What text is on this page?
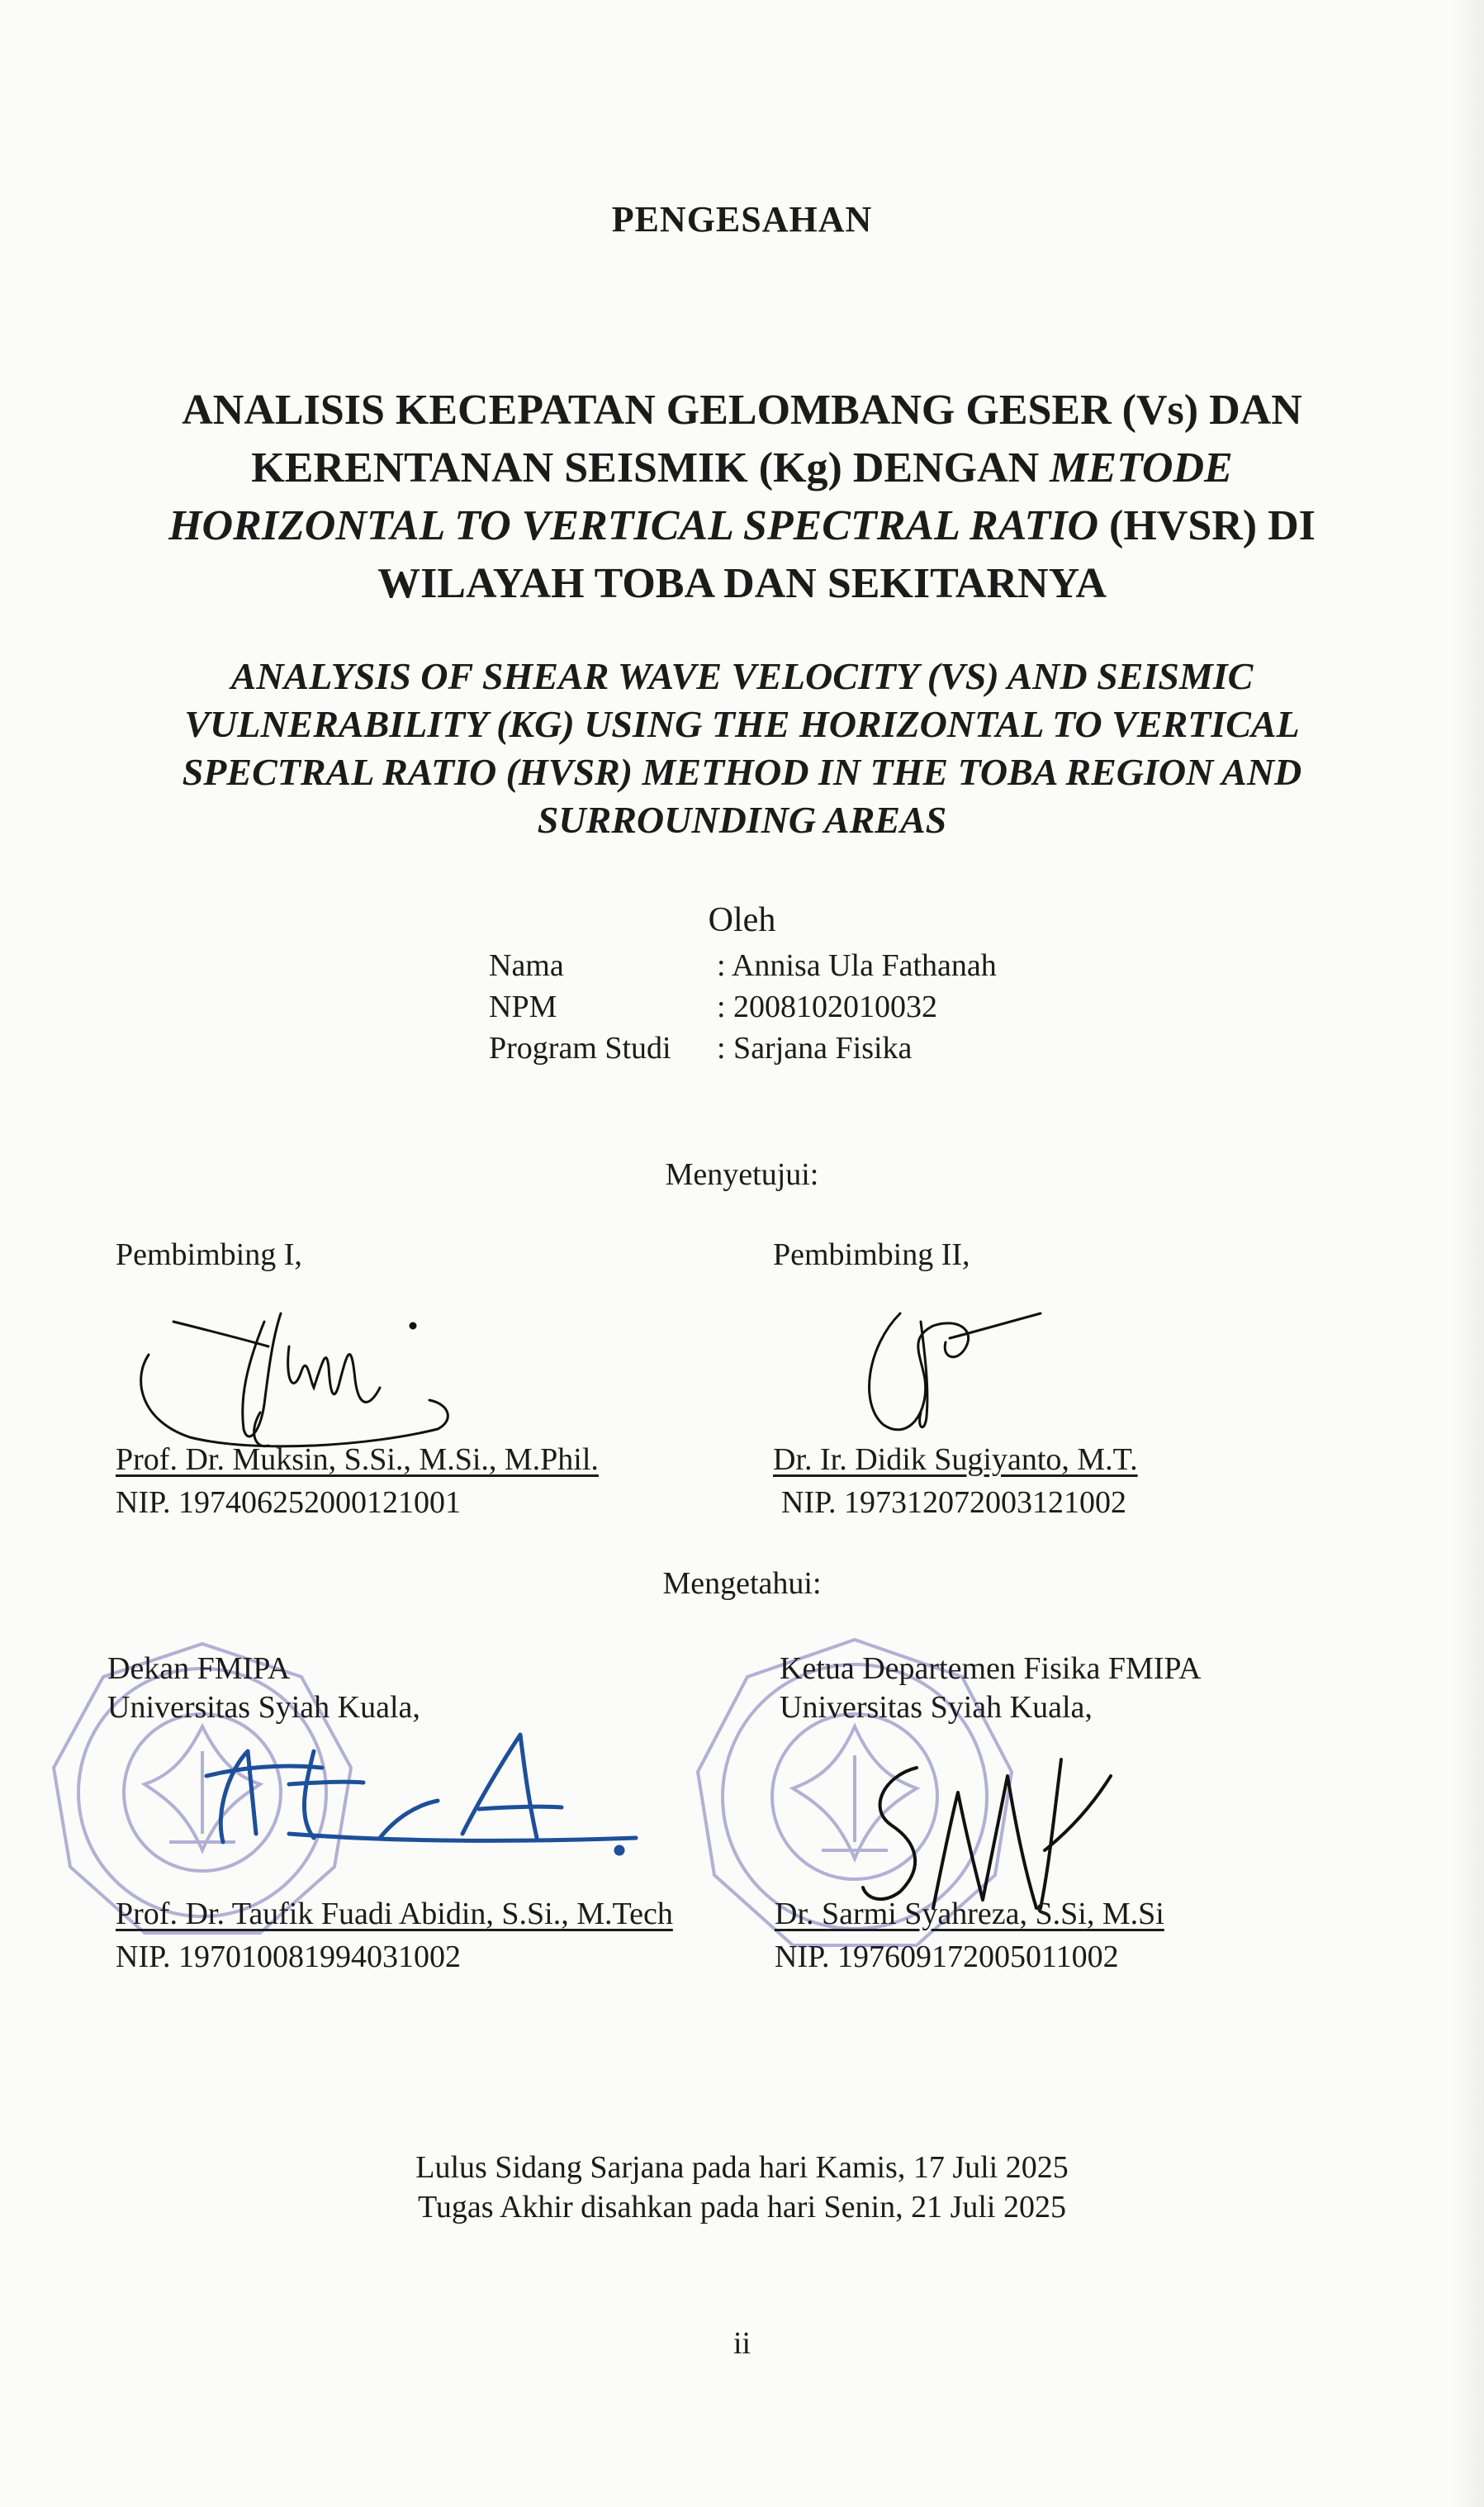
PENGESAHAN
ANALISIS KECEPATAN GELOMBANG GESER (Vs) DAN
KERENTANAN SEISMIK (Kg) DENGAN METODE
HORIZONTAL TO VERTICAL SPECTRAL RATIO (HVSR) DI
WILAYAH TOBA DAN SEKITARNYA
ANALYSIS OF SHEAR WAVE VELOCITY (VS) AND SEISMIC
VULNERABILITY (KG) USING THE HORIZONTAL TO VERTICAL
SPECTRAL RATIO (HVSR) METHOD IN THE TOBA REGION AND
SURROUNDING AREAS
Oleh
Nama	: Annisa Ula Fathanah
NPM	: 2008102010032
Program Studi : Sarjana Fisika
Menyetujui:
Pembimbing I,	Pembimbing II,
Prof. Dr. Muksin, S.Si., M.Si., M.Phil.
NIP. 197406252000121001
Dr. Ir. Didik Sugiyanto, M.T.
NIP. 197312072003121002
Mengetahui:
Dekan FMIPA
Universitas Syiah Kuala,
Ketua Departemen Fisika FMIPA
Universitas Syiah Kuala,
Prof. Dr. Taufik Fuadi Abidin, S.Si., M.Tech
NIP. 197010081994031002
Dr. Sarmi Syahreza, S.Si, M.Si
NIP. 197609172005011002
Lulus Sidang Sarjana pada hari Kamis, 17 Juli 2025
Tugas Akhir disahkan pada hari Senin, 21 Juli 2025
ii
